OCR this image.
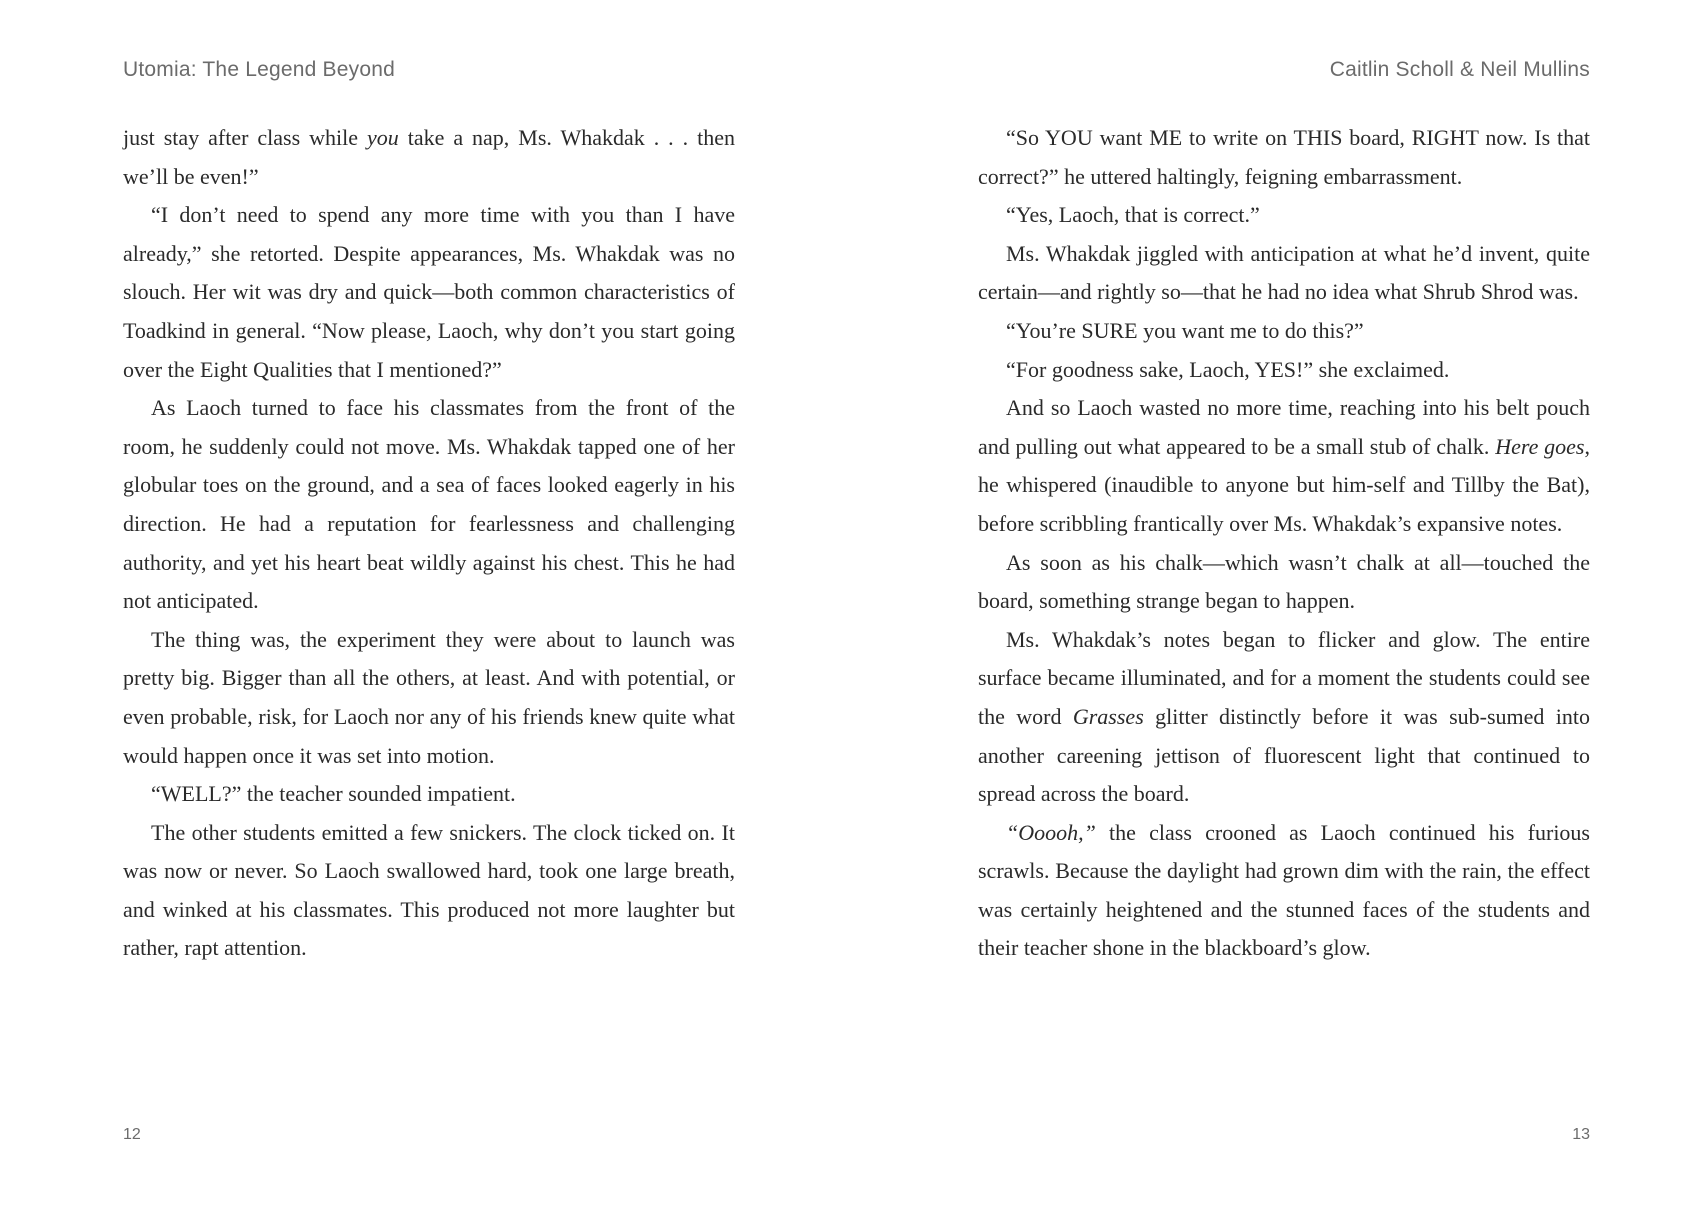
Utomia: The Legend Beyond

just stay after class while you take a nap, Ms. Whakdak . . . then we’ll be even!”

“I don’t need to spend any more time with you than I have already,” she retorted. Despite appearances, Ms. Whakdak was no slouch. Her wit was dry and quick—both common characteristics of Toadkind in general. “Now please, Laoch, why don’t you start going over the Eight Qualities that I mentioned?”

As Laoch turned to face his classmates from the front of the room, he suddenly could not move. Ms. Whakdak tapped one of her globular toes on the ground, and a sea of faces looked eagerly in his direction. He had a reputation for fearlessness and challenging authority, and yet his heart beat wildly against his chest. This he had not anticipated.

The thing was, the experiment they were about to launch was pretty big. Bigger than all the others, at least. And with potential, or even probable, risk, for Laoch nor any of his friends knew quite what would happen once it was set into motion.

“WELL?” the teacher sounded impatient.

The other students emitted a few snickers. The clock ticked on. It was now or never. So Laoch swallowed hard, took one large breath, and winked at his classmates. This produced not more laughter but rather, rapt attention.

12
Caitlin Scholl & Neil Mullins

“So YOU want ME to write on THIS board, RIGHT now. Is that correct?” he uttered haltingly, feigning embarrassment.

“Yes, Laoch, that is correct.”

Ms. Whakdak jiggled with anticipation at what he’d invent, quite certain—and rightly so—that he had no idea what Shrub Shrod was.

“You’re SURE you want me to do this?”

“For goodness sake, Laoch, YES!” she exclaimed.

And so Laoch wasted no more time, reaching into his belt pouch and pulling out what appeared to be a small stub of chalk. Here goes, he whispered (inaudible to anyone but him-self and Tillby the Bat), before scribbling frantically over Ms. Whakdak’s expansive notes.

As soon as his chalk—which wasn’t chalk at all—touched the board, something strange began to happen.

Ms. Whakdak’s notes began to flicker and glow. The entire surface became illuminated, and for a moment the students could see the word Grasses glitter distinctly before it was sub-sumed into another careening jettison of fluorescent light that continued to spread across the board.

“Ooooh,” the class crooned as Laoch continued his furious scrawls. Because the daylight had grown dim with the rain, the effect was certainly heightened and the stunned faces of the students and their teacher shone in the blackboard’s glow.

13
